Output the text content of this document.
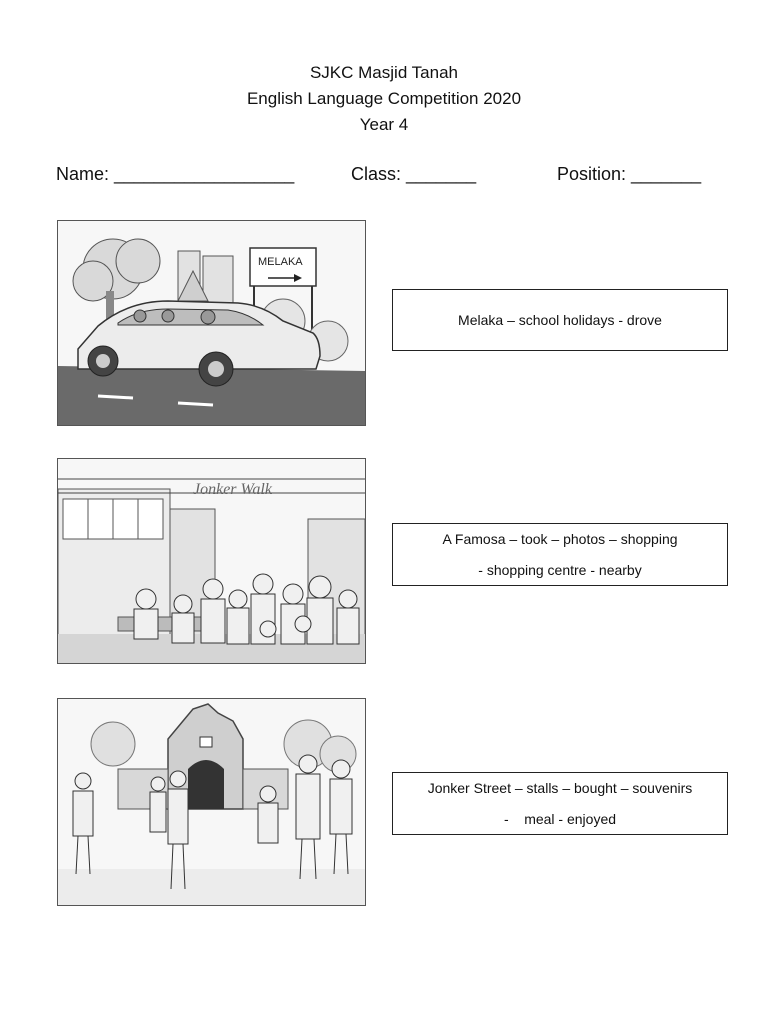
SJKC Masjid Tanah
English Language Competition 2020
Year 4
Name: __________________	Class: _______	Position: _______
MELAKA
Jonker Walk
Melaka – school holidays - drove
A Famosa – took – photos – shopping
- shopping centre - nearby
Jonker Street – stalls – bought – souvenirs
-    meal - enjoyed
